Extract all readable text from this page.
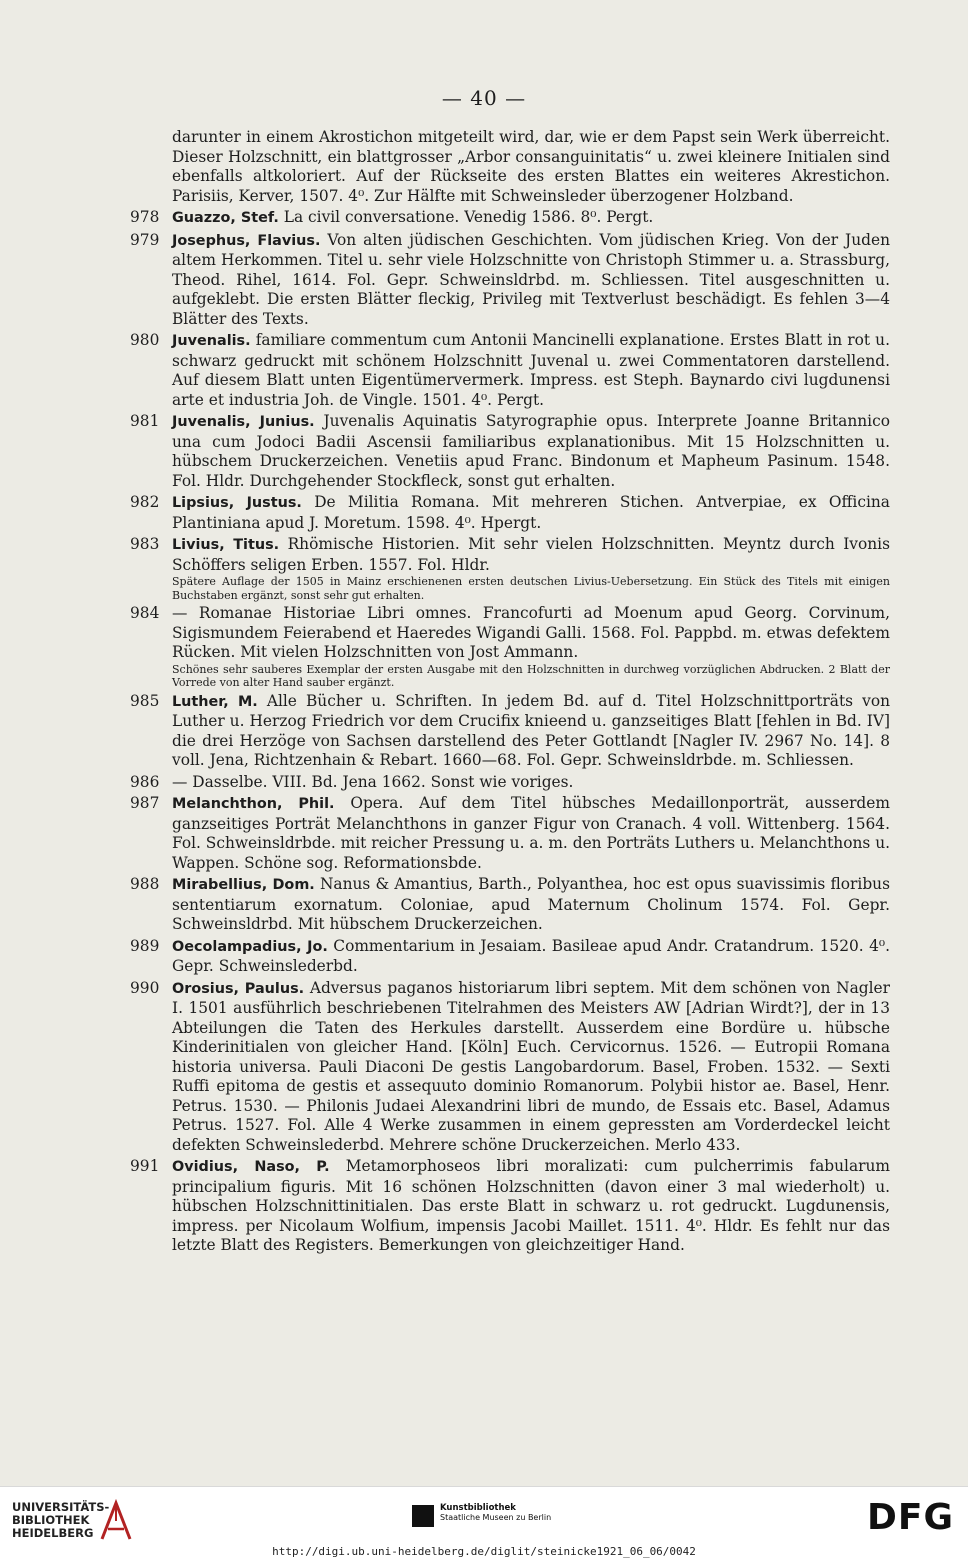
— 40 —
darunter in einem Akrostichon mitgeteilt wird, dar, wie er dem Papst sein Werk überreicht. Dieser Holzschnitt, ein blattgrosser „Arbor consanguinitatis“ u. zwei kleinere Initialen sind ebenfalls altkoloriert. Auf der Rückseite des ersten Blattes ein weiteres Akrestichon. Parisiis, Kerver, 1507. 4⁰. Zur Hälfte mit Schweinsleder überzogener Holzband.
978 Guazzo, Stef. La civil conversatione. Venedig 1586. 8⁰. Pergt.
979 Josephus, Flavius. Von alten jüdischen Geschichten. Vom jüdischen Krieg. Von der Juden altem Herkommen. Titel u. sehr viele Holzschnitte von Christoph Stimmer u. a. Strassburg, Theod. Rihel, 1614. Fol. Gepr. Schweinsldrbd. m. Schliessen. Titel ausgeschnitten u. aufgeklebt. Die ersten Blätter fleckig, Privileg mit Textverlust beschädigt. Es fehlen 3—4 Blätter des Texts.
980 Juvenalis. familiare commentum cum Antonii Mancinelli explanatione. Erstes Blatt in rot u. schwarz gedruckt mit schönem Holzschnitt Juvenal u. zwei Commentatoren darstellend. Auf diesem Blatt unten Eigentümervermerk. Impress. est Steph. Baynardo civi lugdunensi arte et industria Joh. de Vingle. 1501. 4⁰. Pergt.
981 Juvenalis, Junius. Juvenalis Aquinatis Satyrographie opus. Interprete Joanne Britannico una cum Jodoci Badii Ascensii familiaribus explanationibus. Mit 15 Holzschnitten u. hübschem Druckerzeichen. Venetiis apud Franc. Bindonum et Mapheum Pasinum. 1548. Fol. Hldr. Durchgehender Stockfleck, sonst gut erhalten.
982 Lipsius, Justus. De Militia Romana. Mit mehreren Stichen. Antverpiae, ex Officina Plantiniana apud J. Moretum. 1598. 4⁰. Hpergt.
983 Livius, Titus. Rhömische Historien. Mit sehr vielen Holzschnitten. Meyntz durch Ivonis Schöffers seligen Erben. 1557. Fol. Hldr.
Spätere Auflage der 1505 in Mainz erschienenen ersten deutschen Livius-Uebersetzung. Ein Stück des Titels mit einigen Buchstaben ergänzt, sonst sehr gut erhalten.
984 — Romanae Historiae Libri omnes. Francofurti ad Moenum apud Georg. Corvinum, Sigismundem Feierabend et Haeredes Wigandi Galli. 1568. Fol. Pappbd. m. etwas defektem Rücken. Mit vielen Holzschnitten von Jost Ammann.
Schönes sehr sauberes Exemplar der ersten Ausgabe mit den Holzschnitten in durchweg vorzüglichen Abdrucken. 2 Blatt der Vorrede von alter Hand sauber ergänzt.
985 Luther, M. Alle Bücher u. Schriften. In jedem Bd. auf d. Titel Holzschnittporträts von Luther u. Herzog Friedrich vor dem Crucifix knieend u. ganzseitiges Blatt [fehlen in Bd. IV] die drei Herzöge von Sachsen darstellend des Peter Gottlandt [Nagler IV. 2967 No. 14]. 8 voll. Jena, Richtzenhain & Rebart. 1660—68. Fol. Gepr. Schweinsldrbde. m. Schliessen.
986 — Dasselbe. VIII. Bd. Jena 1662. Sonst wie voriges.
987 Melanchthon, Phil. Opera. Auf dem Titel hübsches Medaillonporträt, ausserdem ganzseitiges Porträt Melanchthons in ganzer Figur von Cranach. 4 voll. Wittenberg. 1564. Fol. Schweinsldrbde. mit reicher Pressung u. a. m. den Porträts Luthers u. Melanchthons u. Wappen. Schöne sog. Reformationsbde.
988 Mirabellius, Dom. Nanus & Amantius, Barth., Polyanthea, hoc est opus suavissimis floribus sententiarum exornatum. Coloniae, apud Maternum Cholinum 1574. Fol. Gepr. Schweinsldrbd. Mit hübschem Druckerzeichen.
989 Oecolampadius, Jo. Commentarium in Jesaiam. Basileae apud Andr. Cratandrum. 1520. 4⁰. Gepr. Schweinslederbd.
990 Orosius, Paulus. Adversus paganos historiarum libri septem. Mit dem schönen von Nagler I. 1501 ausführlich beschriebenen Titelrahmen des Meisters AW [Adrian Wirdt?], der in 13 Abteilungen die Taten des Herkules darstellt. Ausserdem eine Bordüre u. hübsche Kinderinitialen von gleicher Hand. [Köln] Euch. Cervicornus. 1526. — Eutropii Romana historia universa. Pauli Diaconi De gestis Langobardorum. Basel, Froben. 1532. — Sexti Ruffi epitoma de gestis et assequuto dominio Romanorum. Polybii histor ae. Basel, Henr. Petrus. 1530. — Philonis Judaei Alexandrini libri de mundo, de Essais etc. Basel, Adamus Petrus. 1527. Fol. Alle 4 Werke zusammen in einem gepressten am Vorderdeckel leicht defekten Schweinslederbd. Mehrere schöne Druckerzeichen. Merlo 433.
991 Ovidius, Naso, P. Metamorphoseos libri moralizati: cum pulcherrimis fabularum principalium figuris. Mit 16 schönen Holzschnitten (davon einer 3 mal wiederholt) u. hübschen Holzschnittinitialen. Das erste Blatt in schwarz u. rot gedruckt. Lugdunensis, impress. per Nicolaum Wolfium, impensis Jacobi Maillet. 1511. 4⁰. Hldr. Es fehlt nur das letzte Blatt des Registers. Bemerkungen von gleichzeitiger Hand.
UNIVERSITÄTS-
BIBLIOTHEK
HEIDELBERG
Kunstbibliothek
Staatliche Museen zu Berlin	DFG
http://digi.ub.uni-heidelberg.de/diglit/steinicke1921_06_06/0042
